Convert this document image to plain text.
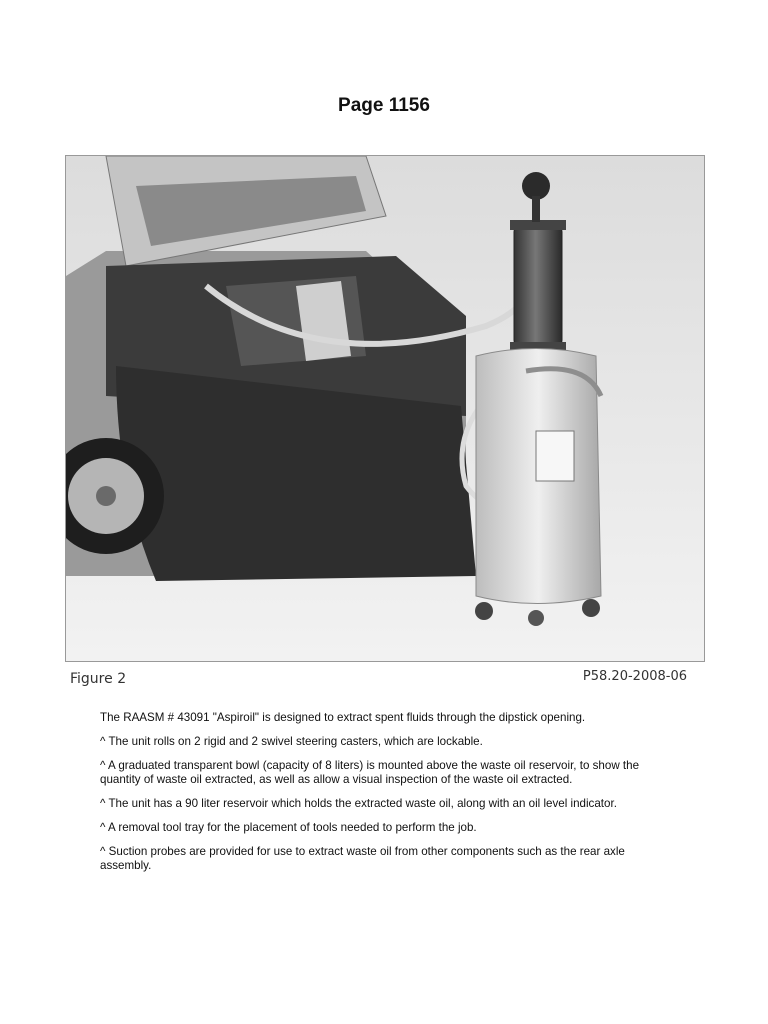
Page 1156
Figure 2	P58.20-2008-06

The RAASM # 43091 "Aspiroil" is designed to extract spent fluids through the dipstick opening.

^ The unit rolls on 2 rigid and 2 swivel steering casters, which are lockable.

^ A graduated transparent bowl (capacity of 8 liters) is mounted above the waste oil reservoir, to show the quantity of waste oil extracted, as well as allow a visual inspection of the waste oil extracted.

^ The unit has a 90 liter reservoir which holds the extracted waste oil, along with an oil level indicator.

^ A removal tool tray for the placement of tools needed to perform the job.

^ Suction probes are provided for use to extract waste oil from other components such as the rear axle assembly.
